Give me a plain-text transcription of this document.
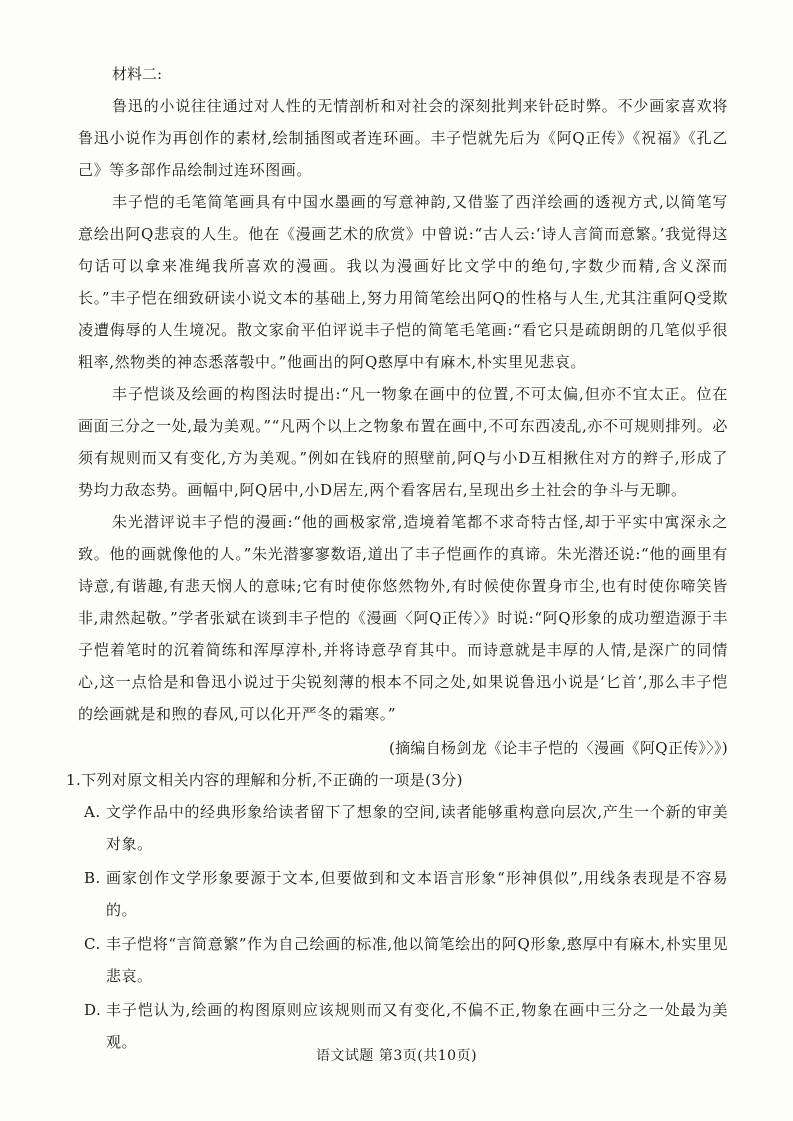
材料二:

鲁迅的小说往往通过对人性的无情剖析和对社会的深刻批判来针砭时弊。不少画家喜欢将鲁迅小说作为再创作的素材,绘制插图或者连环画。丰子恺就先后为《阿Q正传》《祝福》《孔乙己》等多部作品绘制过连环图画。

丰子恺的毛笔简笔画具有中国水墨画的写意神韵,又借鉴了西洋绘画的透视方式,以简笔写意绘出阿Q悲哀的人生。他在《漫画艺术的欣赏》中曾说:“古人云:‘诗人言简而意繁。’我觉得这句话可以拿来准绳我所喜欢的漫画。我以为漫画好比文学中的绝句,字数少而精,含义深而长。”丰子恺在细致研读小说文本的基础上,努力用简笔绘出阿Q的性格与人生,尤其注重阿Q受欺凌遭侮辱的人生境况。散文家俞平伯评说丰子恺的简笔毛笔画:“看它只是疏朗朗的几笔似乎很粗率,然物类的神态悉落彀中。”他画出的阿Q憨厚中有麻木,朴实里见悲哀。

丰子恺谈及绘画的构图法时提出:“凡一物象在画中的位置,不可太偏,但亦不宜太正。位在画面三分之一处,最为美观。”“凡两个以上之物象布置在画中,不可东西凌乱,亦不可规则排列。必须有规则而又有变化,方为美观。”例如在钱府的照壁前,阿Q与小D互相揪住对方的辫子,形成了势均力敌态势。画幅中,阿Q居中,小D居左,两个看客居右,呈现出乡土社会的争斗与无聊。

朱光潜评说丰子恺的漫画:“他的画极家常,造境着笔都不求奇特古怪,却于平实中寓深永之致。他的画就像他的人。”朱光潜寥寥数语,道出了丰子恺画作的真谛。朱光潜还说:“他的画里有诗意,有谐趣,有悲天悯人的意味;它有时使你悠然物外,有时候使你置身市尘,也有时使你啼笑皆非,肃然起敬。”学者张斌在谈到丰子恺的《漫画〈阿Q正传〉》时说:“阿Q形象的成功塑造源于丰子恺着笔时的沉着简练和浑厚淳朴,并将诗意孕育其中。而诗意就是丰厚的人情,是深广的同情心,这一点恰是和鲁迅小说过于尖锐刻薄的根本不同之处,如果说鲁迅小说是‘匕首’,那么丰子恺的绘画就是和煦的春风,可以化开严冬的霜寒。”

(摘编自杨剑龙《论丰子恺的〈漫画《阿Q正传》〉》)

1.下列对原文相关内容的理解和分析,不正确的一项是(3分)

A. 文学作品中的经典形象给读者留下了想象的空间,读者能够重构意向层次,产生一个新的审美对象。
B. 画家创作文学形象要源于文本,但要做到和文本语言形象“形神俱似”,用线条表现是不容易的。
C. 丰子恺将“言简意繁”作为自己绘画的标准,他以简笔绘出的阿Q形象,憨厚中有麻木,朴实里见悲哀。
D. 丰子恺认为,绘画的构图原则应该规则而又有变化,不偏不正,物象在画中三分之一处最为美观。
语文试题 第3页(共10页)
